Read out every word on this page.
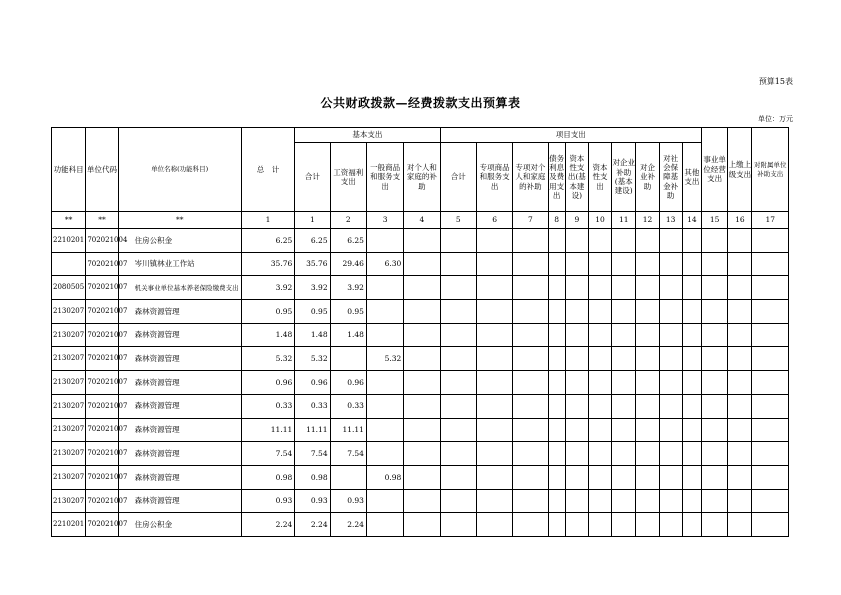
预算15表
公共财政拨款—经费拨款支出预算表
单位：万元
功能科目	单位代码	单位名称(功能科目)	总　计	基本支出				项目支出										事业单位经营支出	上缴上级支出	对附属单位补助支出
				合计	工资福利支出	一般商品和服务支出	对个人和家庭的补助	合计	专项商品和服务支出	专项对个人和家庭的补助	债务利息及费用支出	资本性支出(基本建设)	资本性支出	对企业补助(基本建设)	对企业补助	对社会保障基金补助	其他支出			
**	**	**	1	1	2	3	4	5	6	7	8	9	10	11	12	13	14	15	16	17
2210201	702021004	住房公积金	6.25	6.25	6.25															
	702021007	岑川镇林业工作站	35.76	35.76	29.46	6.30														
2080505	702021007	机关事业单位基本养老保险缴费支出	3.92	3.92	3.92															
2130207	702021007	森林资源管理	0.95	0.95	0.95															
2130207	702021007	森林资源管理	1.48	1.48	1.48															
2130207	702021007	森林资源管理	5.32	5.32		5.32														
2130207	702021007	森林资源管理	0.96	0.96	0.96															
2130207	702021007	森林资源管理	0.33	0.33	0.33															
2130207	702021007	森林资源管理	11.11	11.11	11.11															
2130207	702021007	森林资源管理	7.54	7.54	7.54															
2130207	702021007	森林资源管理	0.98	0.98		0.98														
2130207	702021007	森林资源管理	0.93	0.93	0.93															
2210201	702021007	住房公积金	2.24	2.24	2.24															
